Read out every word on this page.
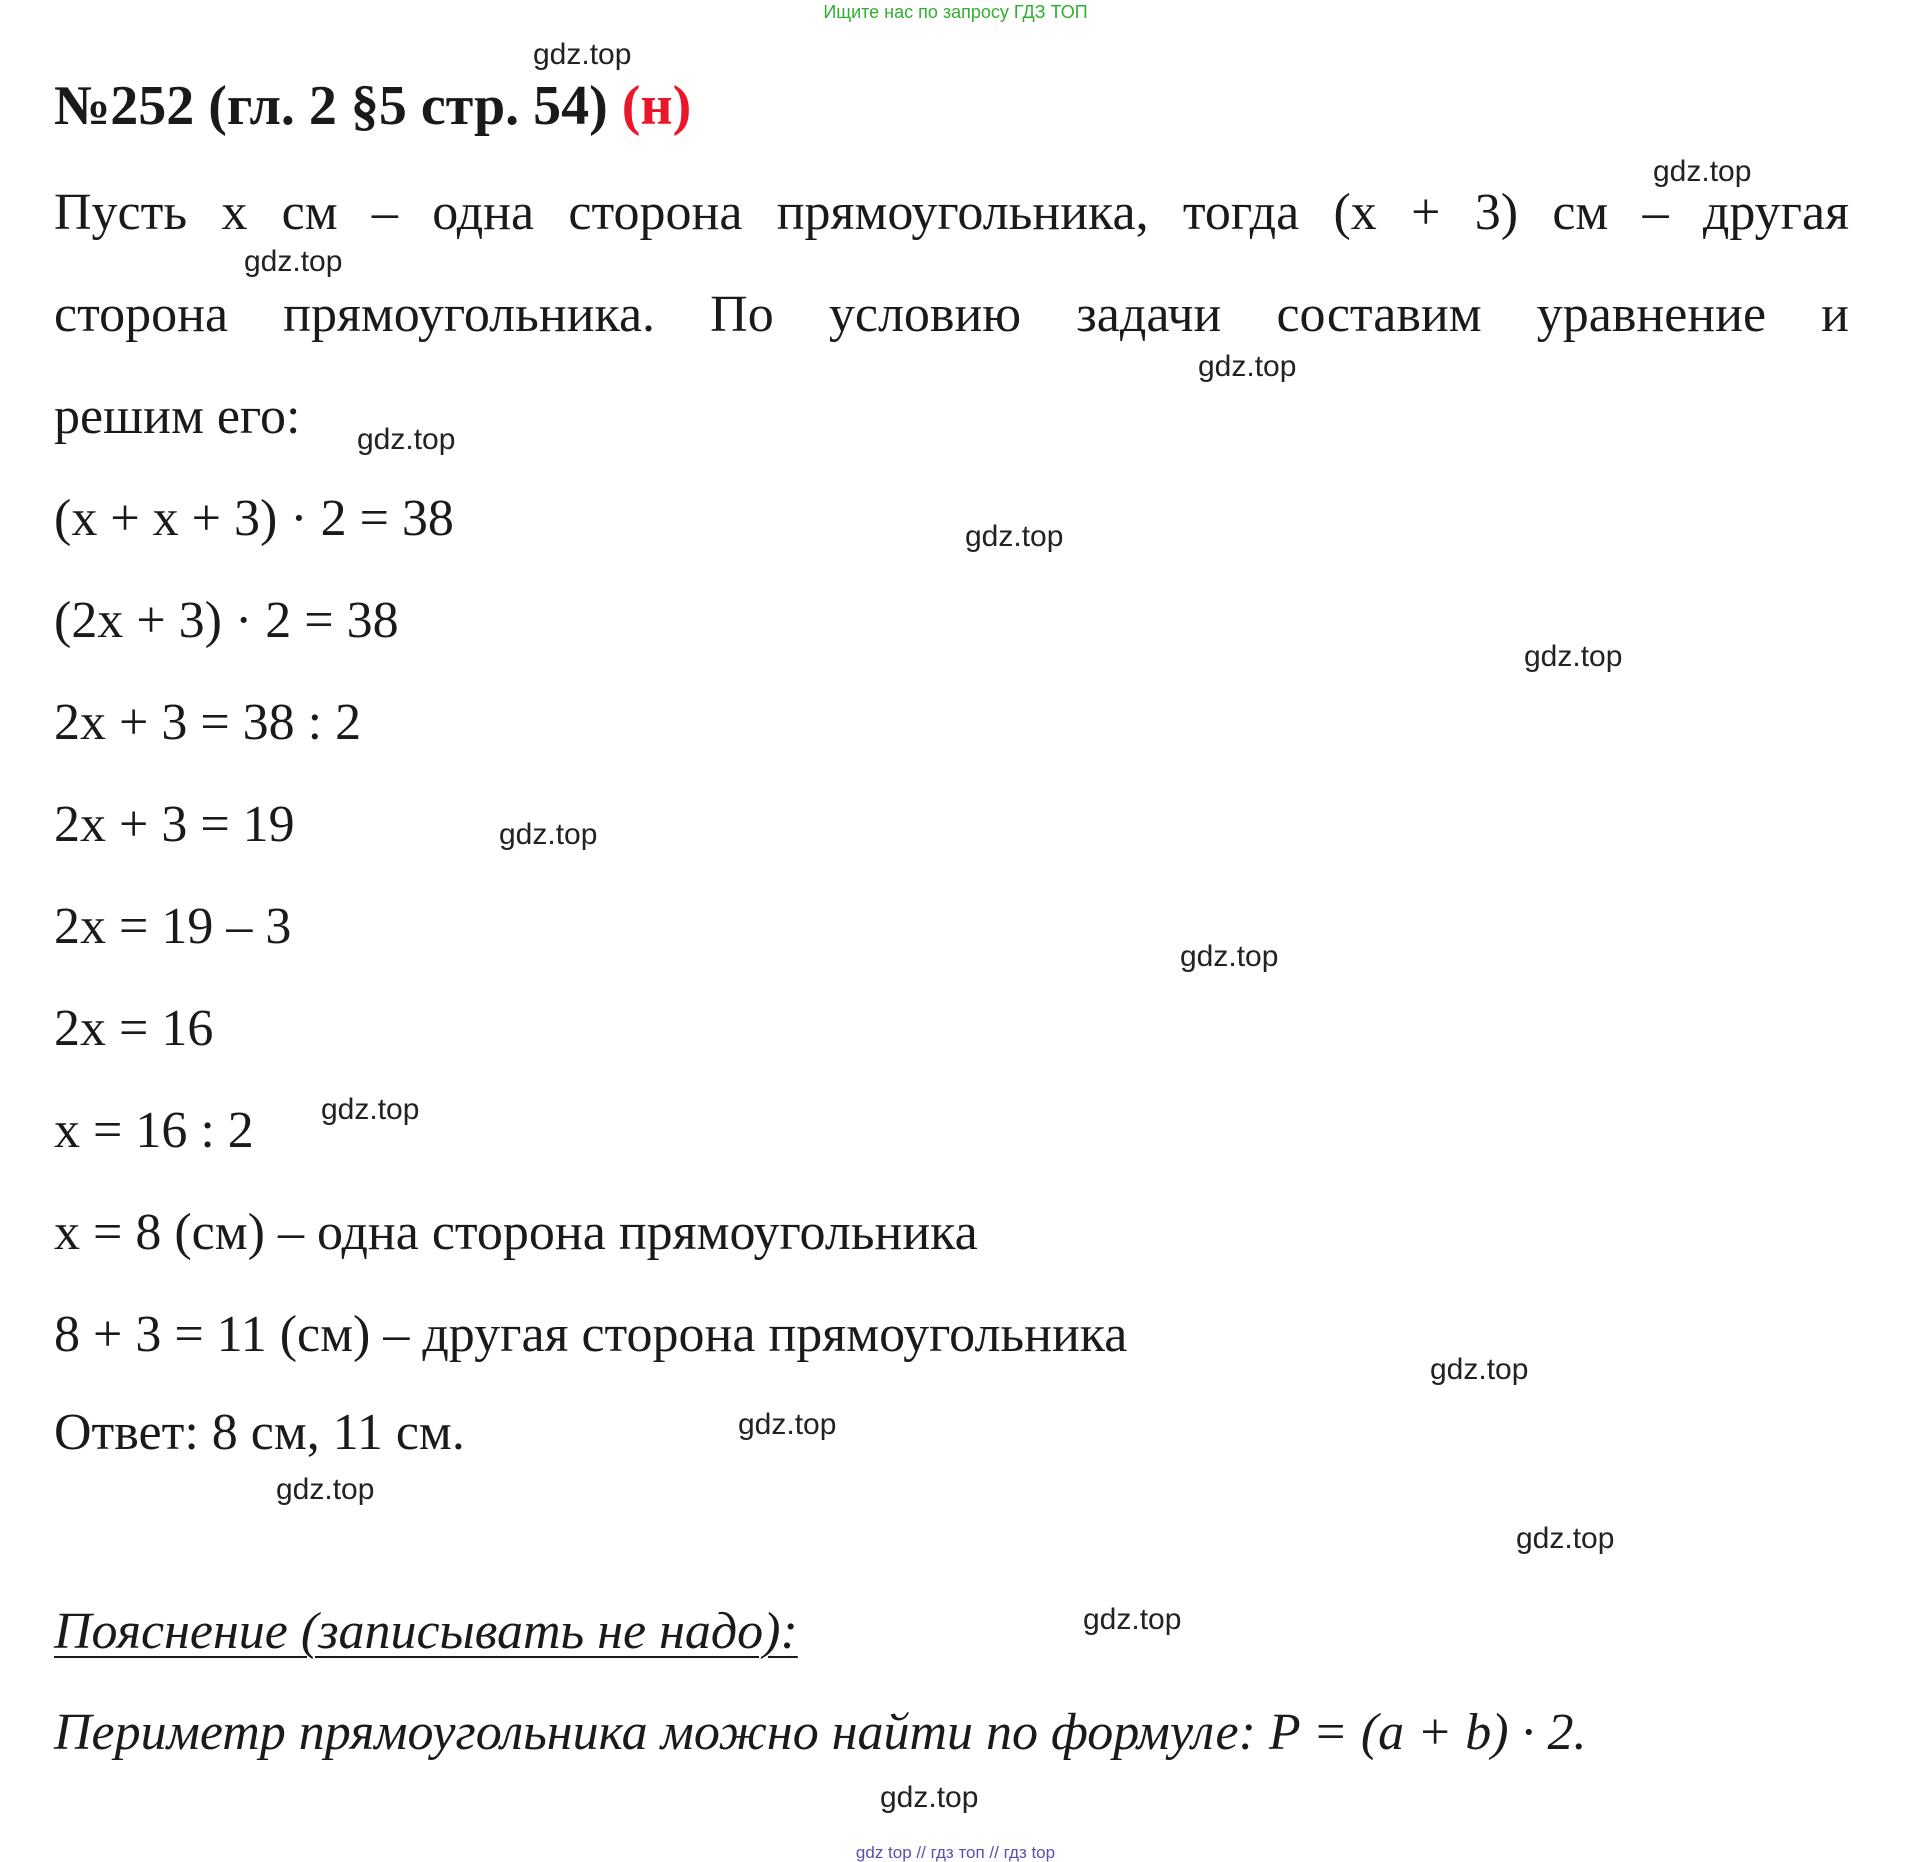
Ищите нас по запросу ГДЗ ТОП
№252 (гл. 2 §5 стр. 54) (н)
Пусть x см – одна сторона прямоугольника, тогда (x + 3) см – другая
сторона прямоугольника. По условию задачи составим уравнение и
решим его:
(x + x + 3) · 2 = 38
(2x + 3) · 2 = 38
2x + 3 = 38 : 2
2x + 3 = 19
2x = 19 – 3
2x = 16
x = 16 : 2
x = 8 (см) – одна сторона прямоугольника
8 + 3 = 11 (см) – другая сторона прямоугольника
Ответ: 8 см, 11 см.
Пояснение (записывать не надо):
Периметр прямоугольника можно найти по формуле: P = (a + b) · 2.
gdz.top
gdz.top
gdz.top
gdz.top
gdz.top
gdz.top
gdz.top
gdz.top
gdz.top
gdz.top
gdz.top
gdz.top
gdz.top
gdz.top
gdz.top
gdz.top
gdz top // гдз топ // гдз top
